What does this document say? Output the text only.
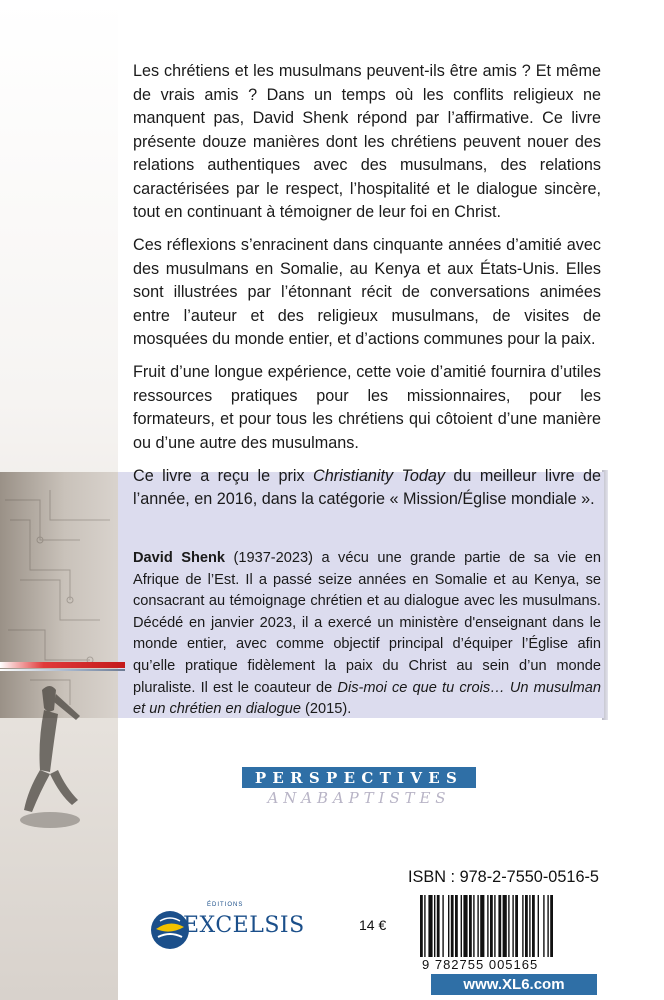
Les chrétiens et les musulmans peuvent-ils être amis ? Et même de vrais amis ? Dans un temps où les conflits religieux ne manquent pas, David Shenk répond par l’affirmative. Ce livre présente douze manières dont les chrétiens peuvent nouer des relations authentiques avec des musulmans, des relations caractérisées par le respect, l’hospitalité et le dialogue sincère, tout en continuant à témoigner de leur foi en Christ.

Ces réflexions s’enracinent dans cinquante années d’amitié avec des musulmans en Somalie, au Kenya et aux États-Unis. Elles sont illustrées par l’étonnant récit de conversations animées entre l’auteur et des religieux musulmans, de visites de mosquées du monde entier, et d’actions communes pour la paix.

Fruit d’une longue expérience, cette voie d’amitié fournira d’utiles ressources pratiques pour les missionnaires, pour les formateurs, et pour tous les chrétiens qui côtoient d’une manière ou d’une autre des musulmans.

Ce livre a reçu le prix Christianity Today du meilleur livre de l’année, en 2016, dans la catégorie « Mission/Église mondiale ».

David Shenk (1937-2023) a vécu une grande partie de sa vie en Afrique de l’Est. Il a passé seize années en Somalie et au Kenya, se consacrant au témoignage chrétien et au dialogue avec les musulmans. Décédé en janvier 2023, il a exercé un ministère d'enseignant dans le monde entier, avec comme objectif principal d’équiper l’Église afin qu’elle pratique fidèlement la paix du Christ au sein d’un monde pluraliste. Il est le coauteur de Dis-moi ce que tu crois… Un musulman et un chrétien en dialogue (2015).
PERSPECTIVES
ANABAPTISTES
ÉDITIONS
EXCELSIS	14 €
ISBN : 978-2-7550-0516-5
9 782755 005165
www.XL6.com
